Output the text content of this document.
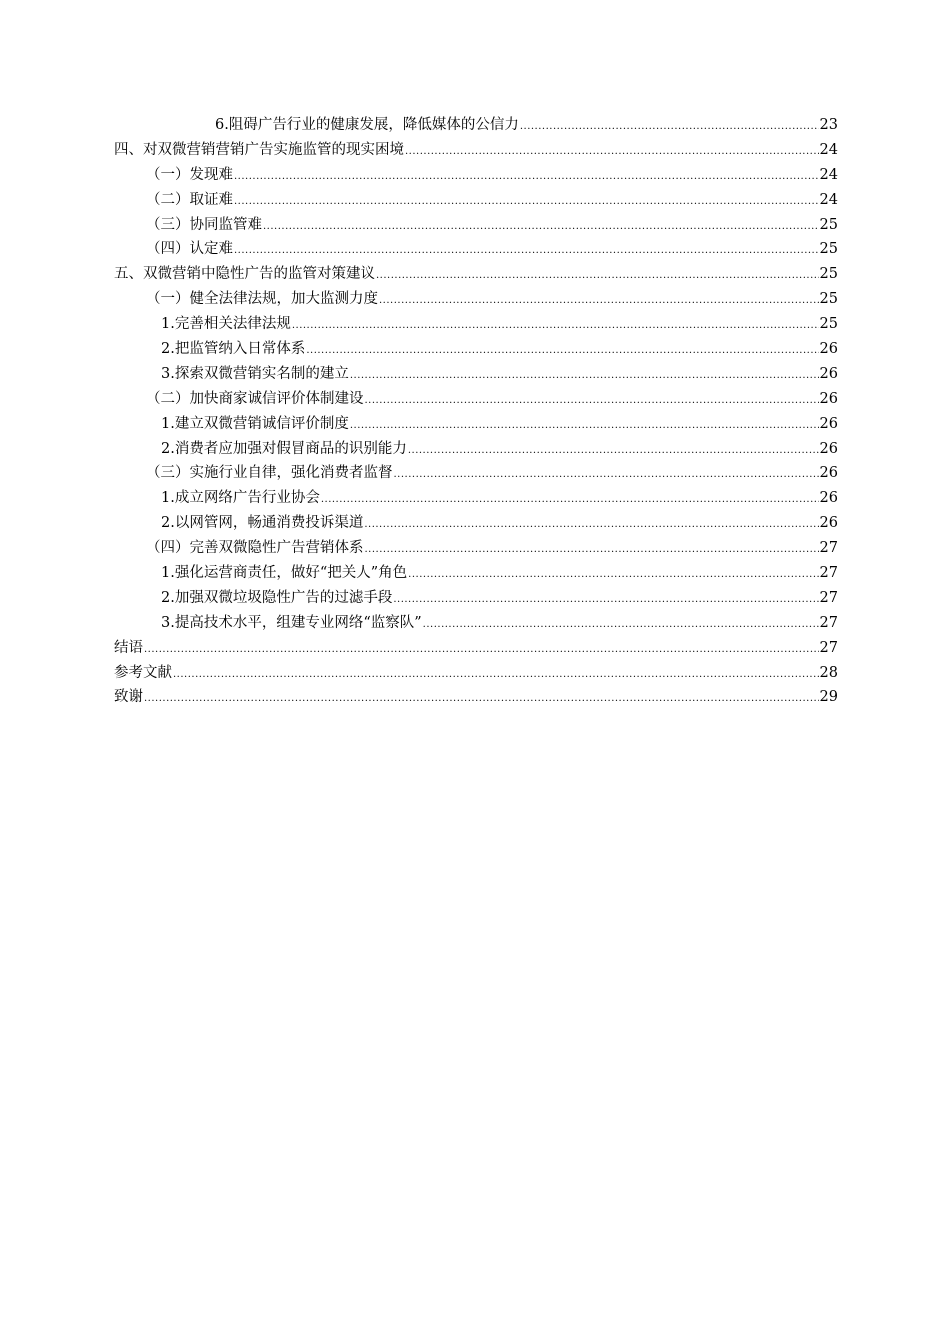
6.阻碍广告行业的健康发展，降低媒体的公信力 .....	23
四、对双微营销营销广告实施监管的现实困境 .....	24
（一）发现难 .....	24
（二）取证难 .....	24
（三）协同监管难 .....	25
（四）认定难 .....	25
五、双微营销中隐性广告的监管对策建议 .....	25
（一）健全法律法规，加大监测力度 .....	25
1.完善相关法律法规 .....	25
2.把监管纳入日常体系 .....	26
3.探索双微营销实名制的建立 .....	26
（二）加快商家诚信评价体制建设 .....	26
1.建立双微营销诚信评价制度 .....	26
2.消费者应加强对假冒商品的识别能力 .....	26
（三）实施行业自律，强化消费者监督 .....	26
1.成立网络广告行业协会 .....	26
2.以网管网，畅通消费投诉渠道 .....	26
（四）完善双微隐性广告营销体系 .....	27
1.强化运营商责任，做好“把关人”角色 .....	27
2.加强双微垃圾隐性广告的过滤手段 .....	27
3.提高技术水平，组建专业网络“监察队” .....	27
结语 .....	27
参考文献 .....	28
致谢 .....	29
